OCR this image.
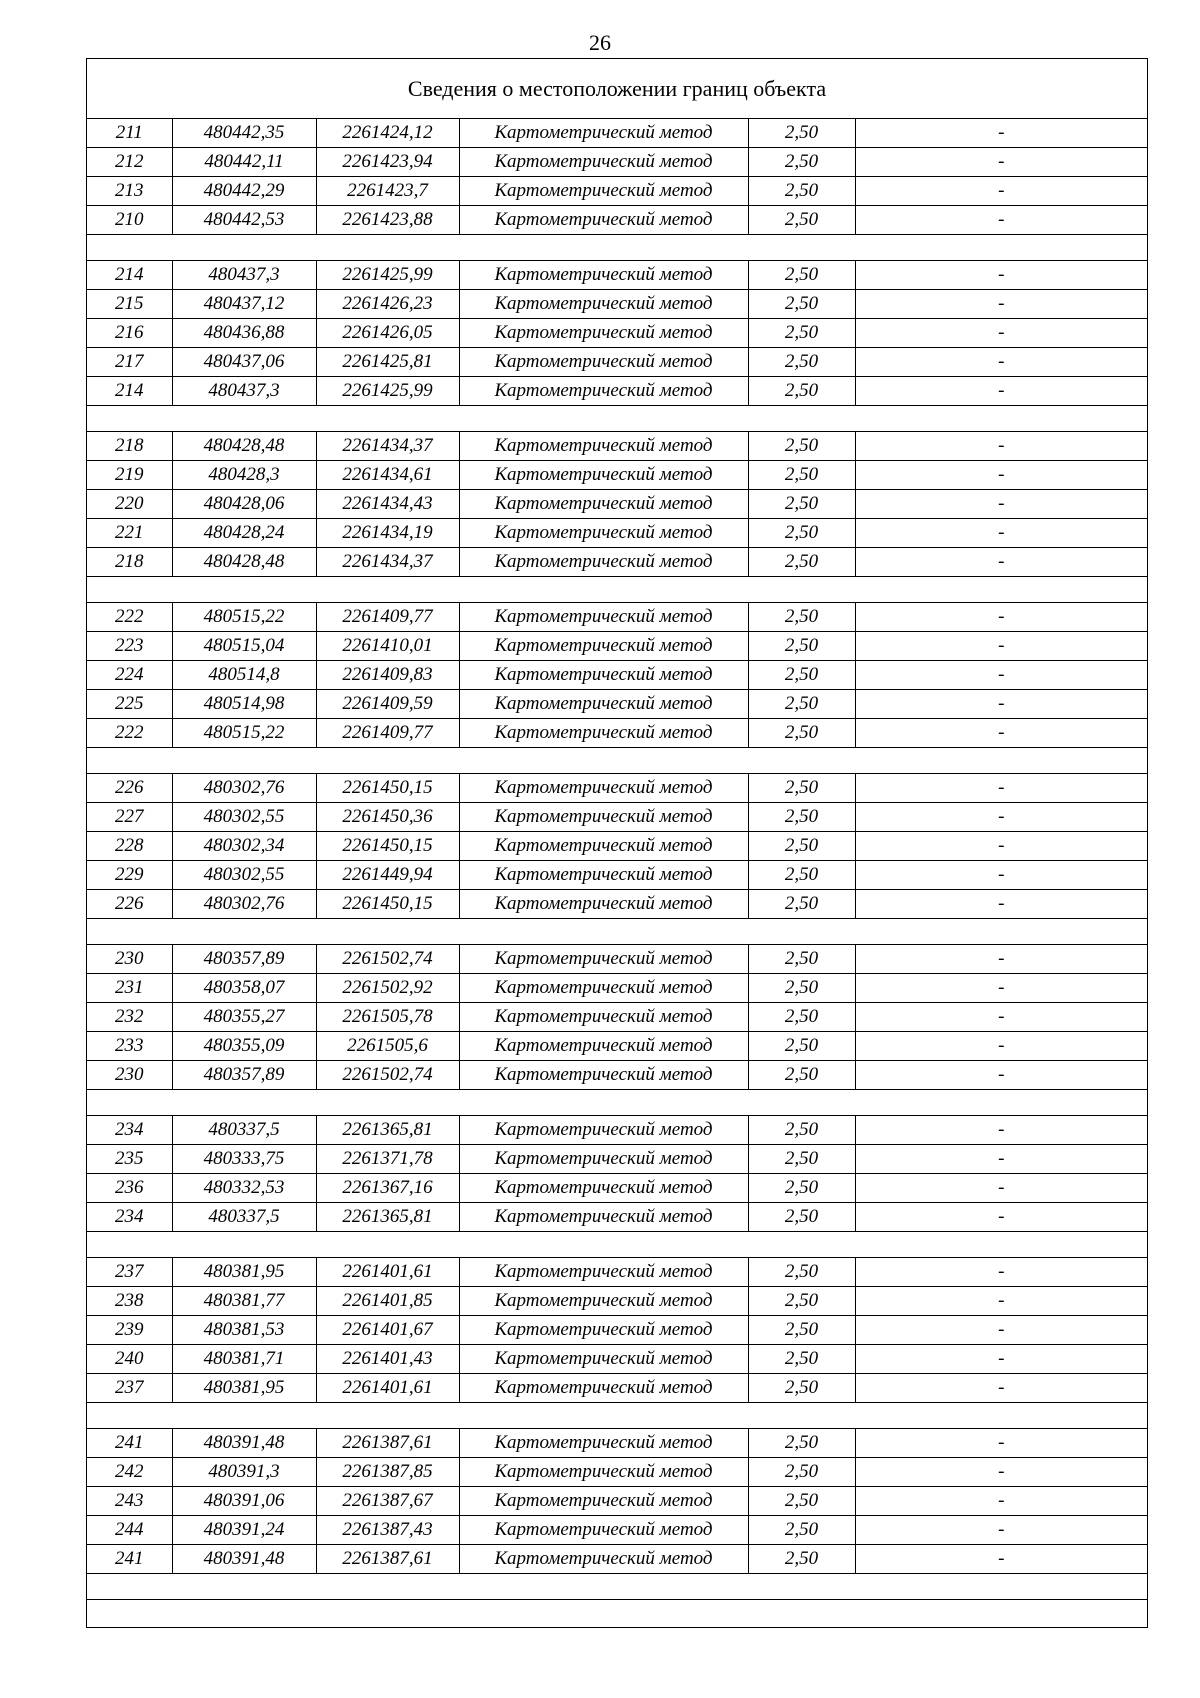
26
Сведения о местоположении границ объекта
211	480442,35	2261424,12	Картометрический метод	2,50	-
212	480442,11	2261423,94	Картометрический метод	2,50	-
213	480442,29	2261423,7	Картометрический метод	2,50	-
210	480442,53	2261423,88	Картометрический метод	2,50	-

214	480437,3	2261425,99	Картометрический метод	2,50	-
215	480437,12	2261426,23	Картометрический метод	2,50	-
216	480436,88	2261426,05	Картометрический метод	2,50	-
217	480437,06	2261425,81	Картометрический метод	2,50	-
214	480437,3	2261425,99	Картометрический метод	2,50	-

218	480428,48	2261434,37	Картометрический метод	2,50	-
219	480428,3	2261434,61	Картометрический метод	2,50	-
220	480428,06	2261434,43	Картометрический метод	2,50	-
221	480428,24	2261434,19	Картометрический метод	2,50	-
218	480428,48	2261434,37	Картометрический метод	2,50	-

222	480515,22	2261409,77	Картометрический метод	2,50	-
223	480515,04	2261410,01	Картометрический метод	2,50	-
224	480514,8	2261409,83	Картометрический метод	2,50	-
225	480514,98	2261409,59	Картометрический метод	2,50	-
222	480515,22	2261409,77	Картометрический метод	2,50	-

226	480302,76	2261450,15	Картометрический метод	2,50	-
227	480302,55	2261450,36	Картометрический метод	2,50	-
228	480302,34	2261450,15	Картометрический метод	2,50	-
229	480302,55	2261449,94	Картометрический метод	2,50	-
226	480302,76	2261450,15	Картометрический метод	2,50	-

230	480357,89	2261502,74	Картометрический метод	2,50	-
231	480358,07	2261502,92	Картометрический метод	2,50	-
232	480355,27	2261505,78	Картометрический метод	2,50	-
233	480355,09	2261505,6	Картометрический метод	2,50	-
230	480357,89	2261502,74	Картометрический метод	2,50	-

234	480337,5	2261365,81	Картометрический метод	2,50	-
235	480333,75	2261371,78	Картометрический метод	2,50	-
236	480332,53	2261367,16	Картометрический метод	2,50	-
234	480337,5	2261365,81	Картометрический метод	2,50	-

237	480381,95	2261401,61	Картометрический метод	2,50	-
238	480381,77	2261401,85	Картометрический метод	2,50	-
239	480381,53	2261401,67	Картометрический метод	2,50	-
240	480381,71	2261401,43	Картометрический метод	2,50	-
237	480381,95	2261401,61	Картометрический метод	2,50	-

241	480391,48	2261387,61	Картометрический метод	2,50	-
242	480391,3	2261387,85	Картометрический метод	2,50	-
243	480391,06	2261387,67	Картометрический метод	2,50	-
244	480391,24	2261387,43	Картометрический метод	2,50	-
241	480391,48	2261387,61	Картометрический метод	2,50	-
